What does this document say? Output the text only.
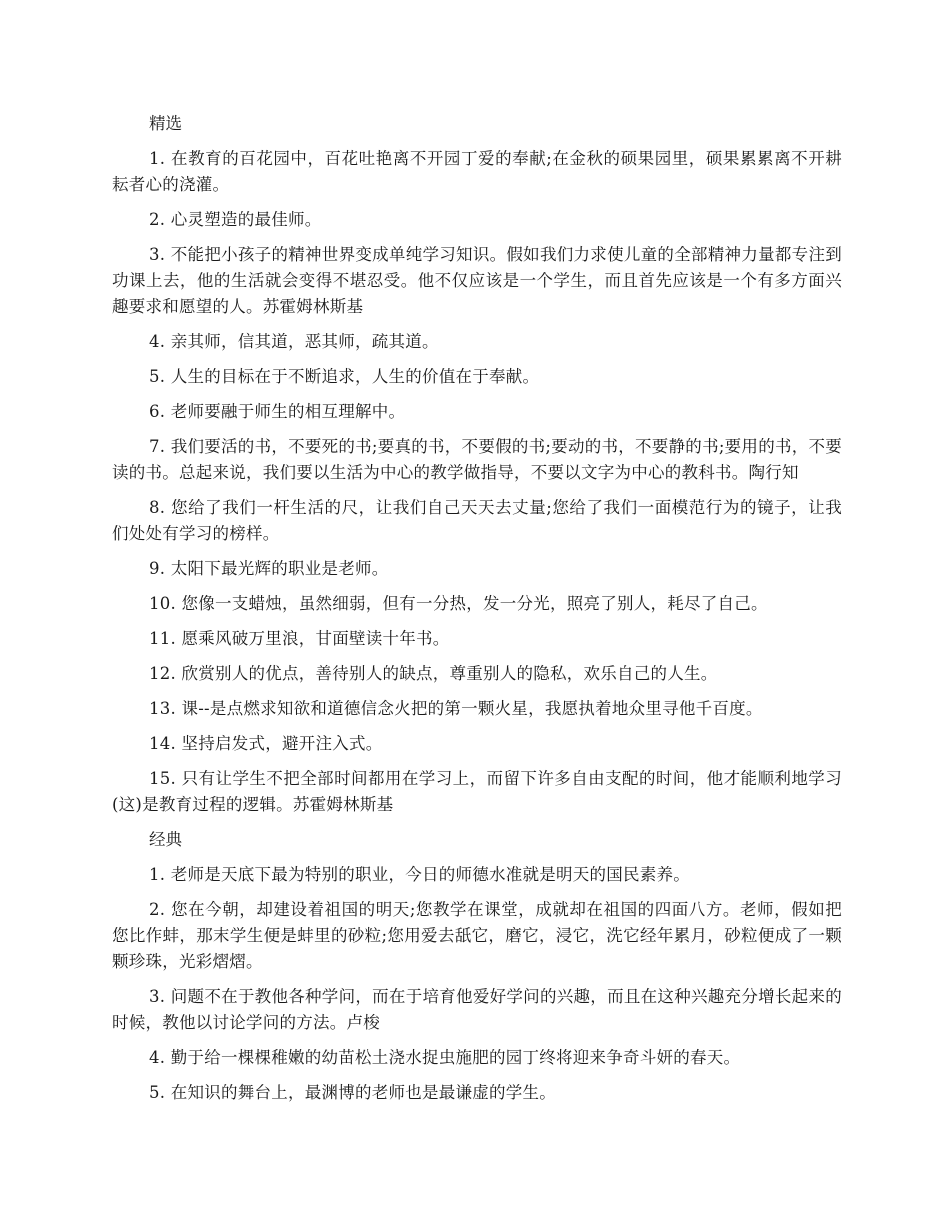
精选

1. 在教育的百花园中，百花吐艳离不开园丁爱的奉献;在金秋的硕果园里，硕果累累离不开耕耘者心的浇灌。

2. 心灵塑造的最佳师。

3. 不能把小孩子的精神世界变成单纯学习知识。假如我们力求使儿童的全部精神力量都专注到功课上去，他的生活就会变得不堪忍受。他不仅应该是一个学生，而且首先应该是一个有多方面兴趣要求和愿望的人。苏霍姆林斯基

4. 亲其师，信其道，恶其师，疏其道。

5. 人生的目标在于不断追求，人生的价值在于奉献。

6. 老师要融于师生的相互理解中。

7. 我们要活的书，不要死的书;要真的书，不要假的书;要动的书，不要静的书;要用的书，不要读的书。总起来说，我们要以生活为中心的教学做指导，不要以文字为中心的教科书。陶行知

8. 您给了我们一杆生活的尺，让我们自己天天去丈量;您给了我们一面模范行为的镜子，让我们处处有学习的榜样。

9. 太阳下最光辉的职业是老师。

10. 您像一支蜡烛，虽然细弱，但有一分热，发一分光，照亮了别人，耗尽了自己。

11. 愿乘风破万里浪，甘面壁读十年书。

12. 欣赏别人的优点，善待别人的缺点，尊重别人的隐私，欢乐自己的人生。

13. 课--是点燃求知欲和道德信念火把的第一颗火星，我愿执着地众里寻他千百度。

14. 坚持启发式，避开注入式。

15. 只有让学生不把全部时间都用在学习上，而留下许多自由支配的时间，他才能顺利地学习(这)是教育过程的逻辑。苏霍姆林斯基

经典

1. 老师是天底下最为特别的职业，今日的师德水准就是明天的国民素养。

2. 您在今朝，却建设着祖国的明天;您教学在课堂，成就却在祖国的四面八方。老师，假如把您比作蚌，那末学生便是蚌里的砂粒;您用爱去舐它，磨它，浸它，洗它经年累月，砂粒便成了一颗颗珍珠，光彩熠熠。

3. 问题不在于教他各种学问，而在于培育他爱好学问的兴趣，而且在这种兴趣充分增长起来的时候，教他以讨论学问的方法。卢梭

4. 勤于给一棵棵稚嫩的幼苗松土浇水捉虫施肥的园丁终将迎来争奇斗妍的春天。

5. 在知识的舞台上，最渊博的老师也是最谦虚的学生。
